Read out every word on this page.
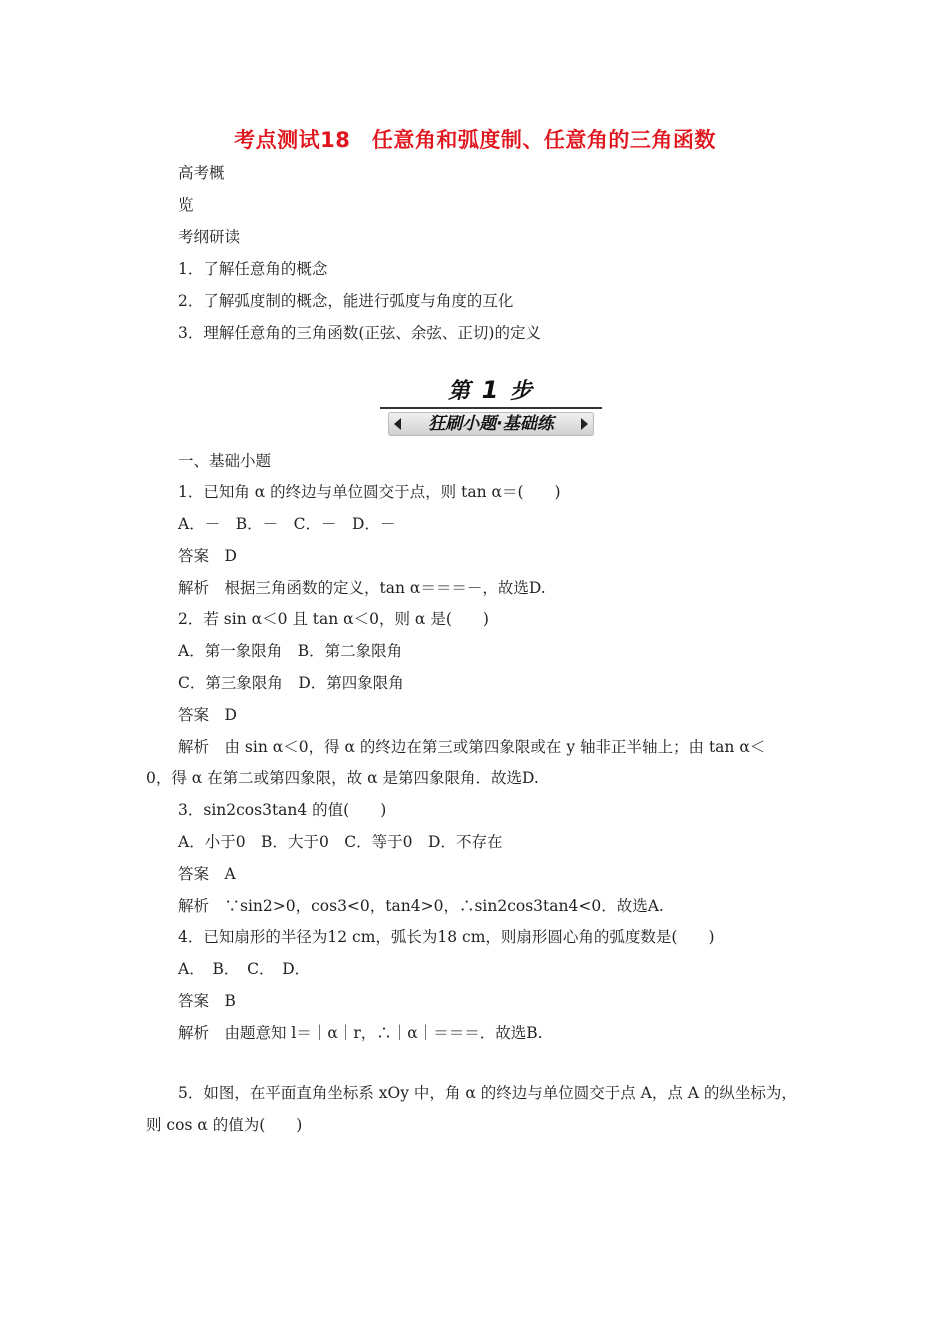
考点测试18　任意角和弧度制、任意角的三角函数
高考概
览
考纲研读
1．了解任意角的概念
2．了解弧度制的概念，能进行弧度与角度的互化
3．理解任意角的三角函数(正弦、余弦、正切)的定义
第 1 步
狂刷小题·基础练
一、基础小题
1．已知角 α 的终边与单位圆交于点，则 tan α＝(　　)
A．－　B．－　C．－　D．－
答案　D
解析　根据三角函数的定义，tan α＝＝＝－，故选D.
2．若 sin α＜0 且 tan α＜0，则 α 是(　　)
A．第一象限角　B．第二象限角
C．第三象限角　D．第四象限角
答案　D
解析　由 sin α＜0，得 α 的终边在第三或第四象限或在 y 轴非正半轴上；由 tan α＜
0，得 α 在第二或第四象限，故 α 是第四象限角．故选D.
3．sin2cos3tan4 的值(　　)
A．小于0　B．大于0　C．等于0　D．不存在
答案　A
解析　∵sin2>0，cos3<0，tan4>0，∴sin2cos3tan4<0．故选A.
4．已知扇形的半径为12 cm，弧长为18 cm，则扇形圆心角的弧度数是(　　)
A．　B．　C．　D．
答案　B
解析　由题意知 l＝｜α｜r，∴｜α｜＝＝＝．故选B.
5．如图，在平面直角坐标系 xOy 中，角 α 的终边与单位圆交于点 A，点 A 的纵坐标为，
则 cos α 的值为(　　)
